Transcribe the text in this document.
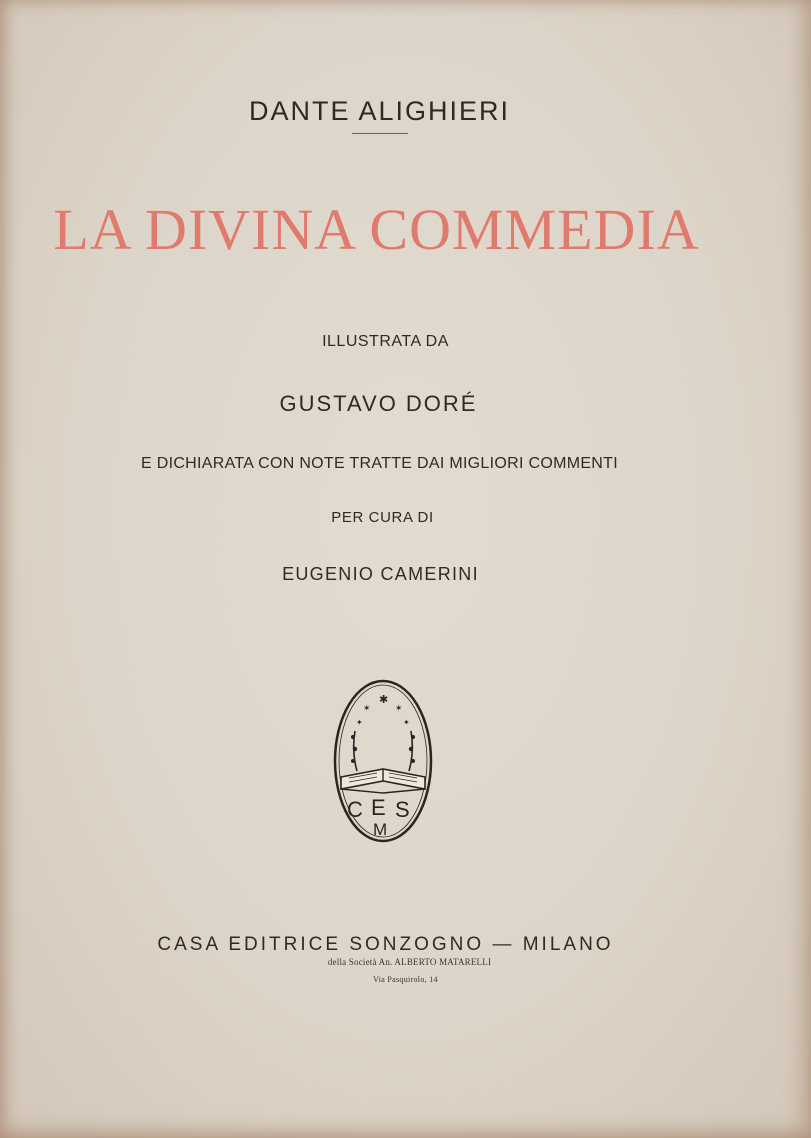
DANTE ALIGHIERI
LA DIVINA COMMEDIA
ILLUSTRATA DA
GUSTAVO DORÉ
E DICHIARATA CON NOTE TRATTE DAI MIGLIORI COMMENTI
PER CURA DI
EUGENIO CAMERINI
✱
✶	✶
✦	✦
C E S
M
CASA EDITRICE SONZOGNO — MILANO
della Società An. ALBERTO MATARELLI
Via Pasquirolo, 14
